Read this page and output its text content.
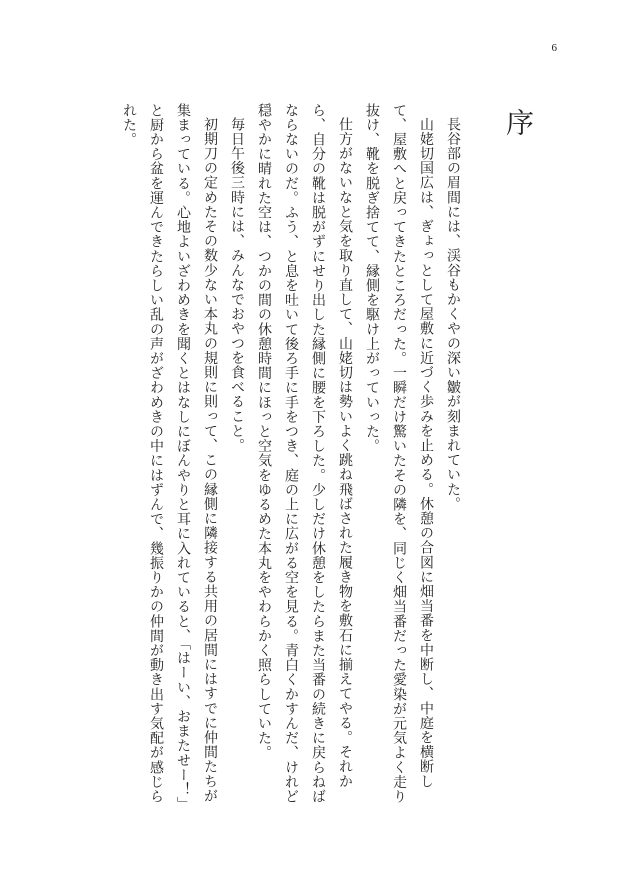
6
序

長谷部の眉間には、渓谷もかくやの深い皺が刻まれていた。

山姥切国広は、ぎょっとして屋敷に近づく歩みを止める。休憩の合図に畑当番を中断し、中庭を横断して、屋敷へと戻ってきたところだった。一瞬だけ驚いたその隣を、同じく畑当番だった愛染が元気よく走り抜け、靴を脱ぎ捨てて、縁側を駆け上がっていった。

仕方がないなと気を取り直して、山姥切は勢いよく跳ね飛ばされた履き物を敷石に揃えてやる。それから、自分の靴は脱がずにせり出した縁側に腰を下ろした。少しだけ休憩をしたらまた当番の続きに戻らねばならないのだ。ふう、と息を吐いて後ろ手に手をつき、庭の上に広がる空を見る。青白くかすんだ、けれど穏やかに晴れた空は、つかの間の休憩時間にほっと空気をゆるめた本丸をやわらかく照らしていた。

毎日午後三時には、みんなでおやつを食べること。

初期刀の定めたその数少ない本丸の規則に則って、この縁側に隣接する共用の居間にはすでに仲間たちが集まっている。心地よいざわめきを聞くとはなしにぼんやりと耳に入れていると、「はーい、おまたせー！」と厨から盆を運んできたらしい乱の声がざわめきの中にはずんで、幾振りかの仲間が動き出す気配が感じられた。
